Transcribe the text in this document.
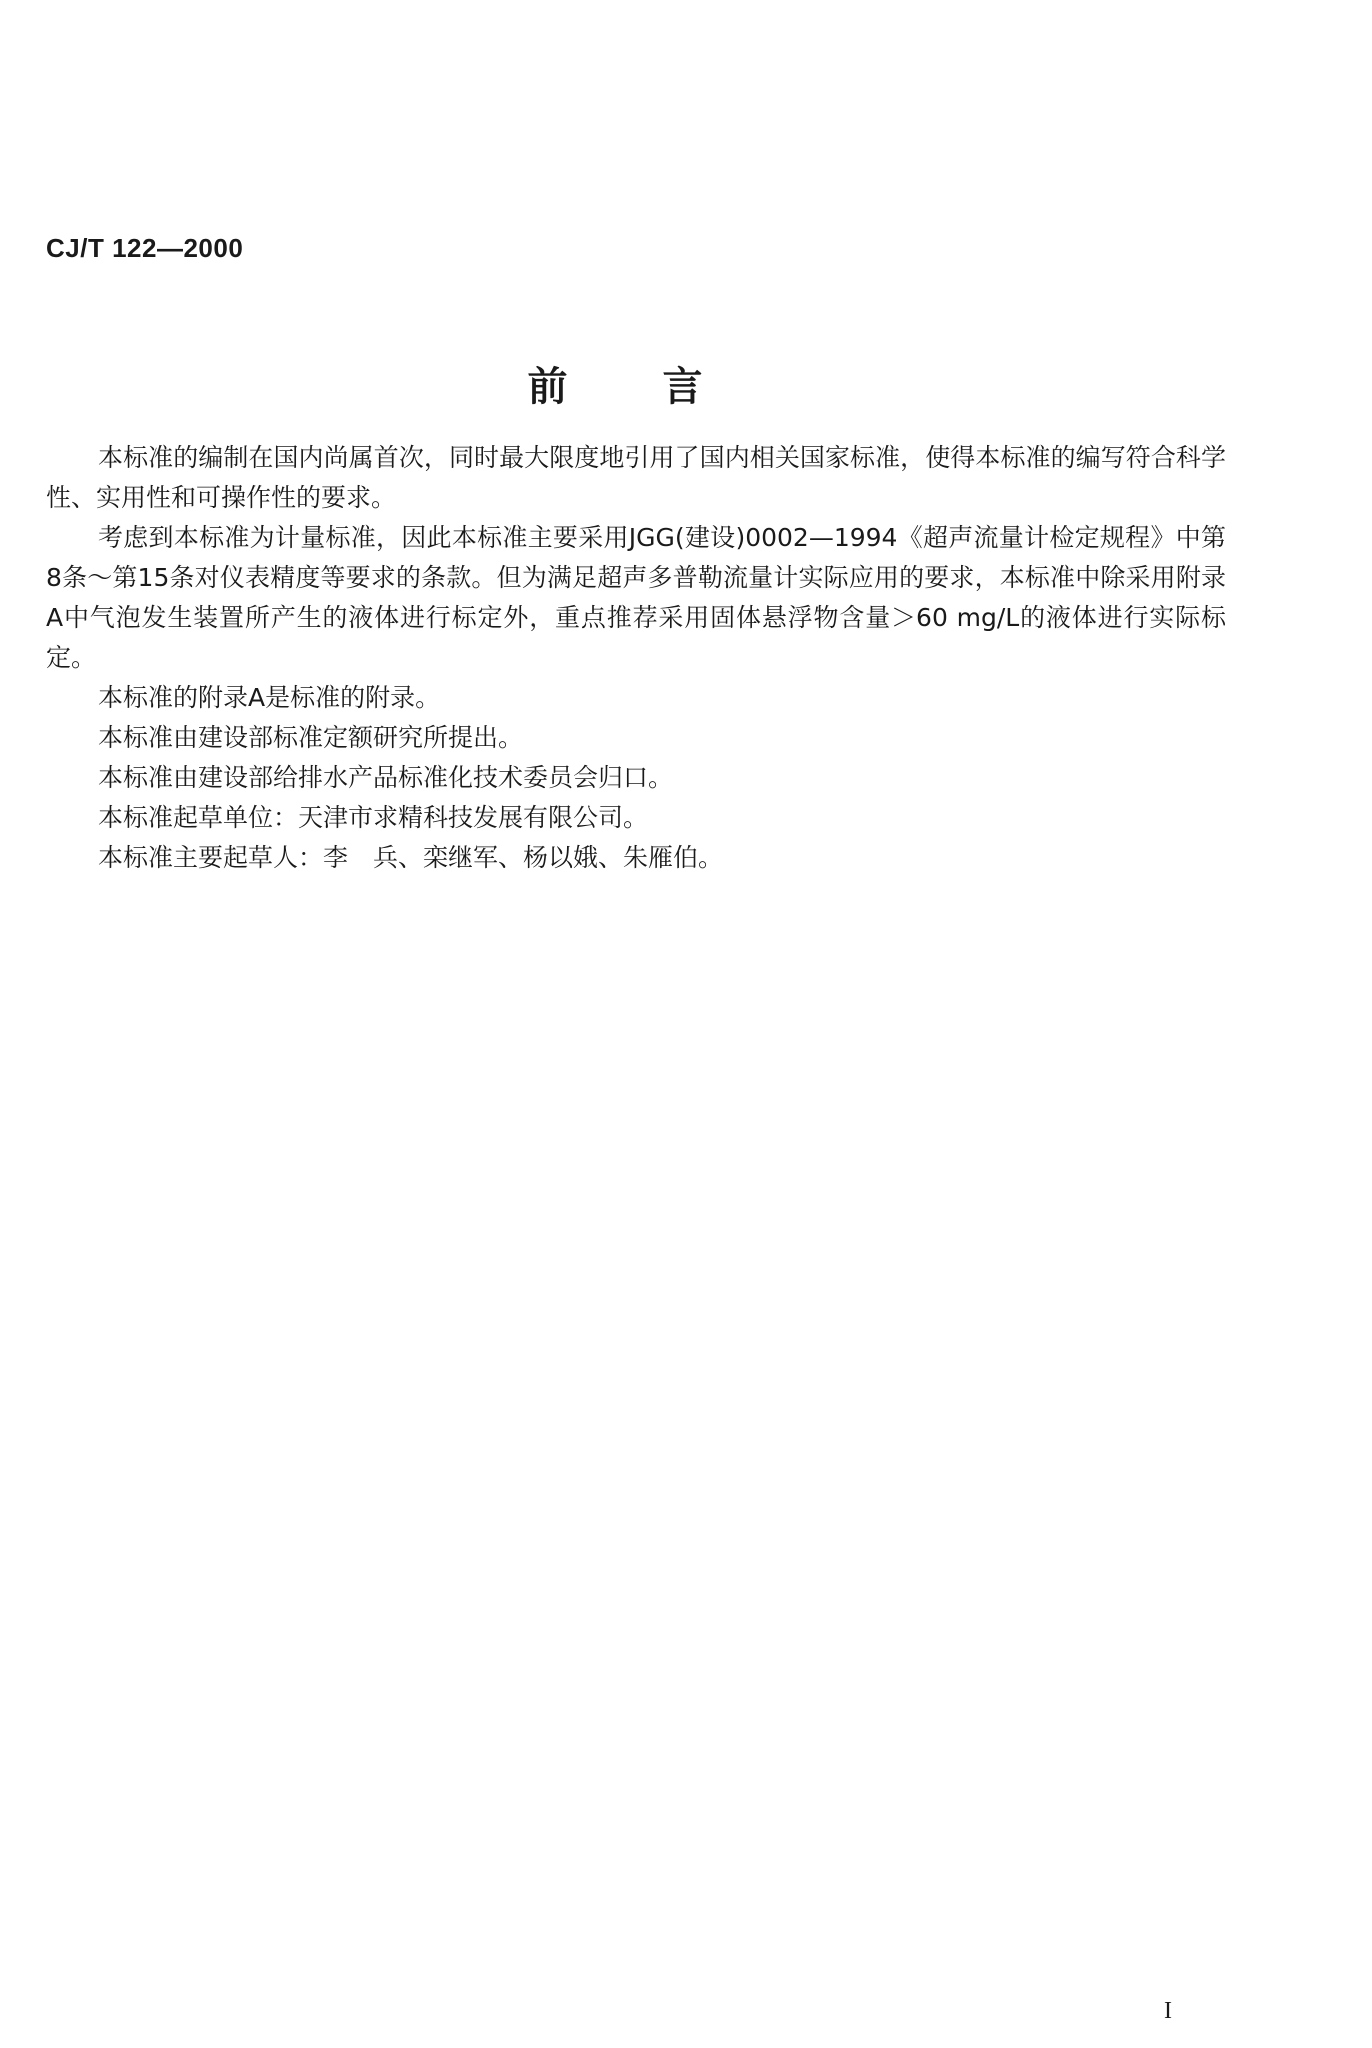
CJ/T 122—2000
前言

本标准的编制在国内尚属首次，同时最大限度地引用了国内相关国家标准，使得本标准的编写符合科学性、实用性和可操作性的要求。

考虑到本标准为计量标准，因此本标准主要采用JGG(建设)0002—1994《超声流量计检定规程》中第8条～第15条对仪表精度等要求的条款。但为满足超声多普勒流量计实际应用的要求，本标准中除采用附录A中气泡发生装置所产生的液体进行标定外，重点推荐采用固体悬浮物含量＞60 mg/L的液体进行实际标定。

本标准的附录A是标准的附录。

本标准由建设部标准定额研究所提出。

本标准由建设部给排水产品标准化技术委员会归口。

本标准起草单位：天津市求精科技发展有限公司。

本标准主要起草人：李　兵、栾继军、杨以娥、朱雁伯。

I
